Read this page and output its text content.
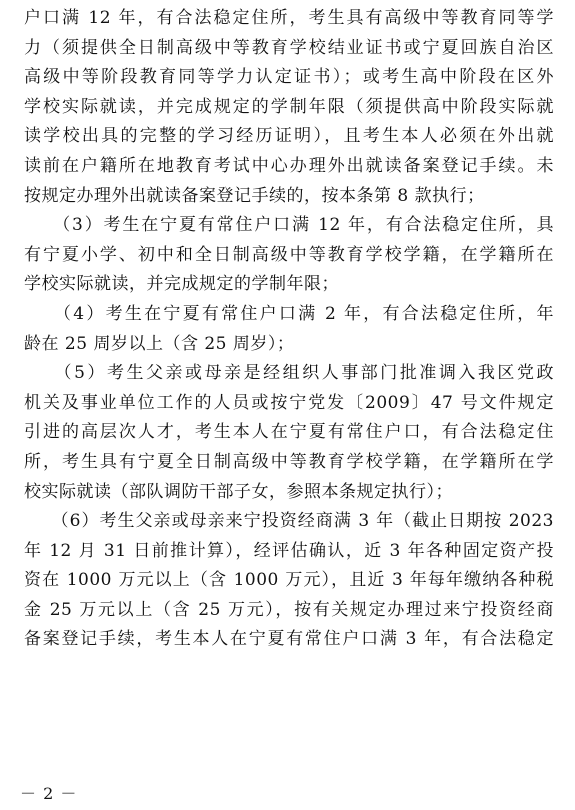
户口满 12 年，有合法稳定住所，考生具有高级中等教育同等学
力（须提供全日制高级中等教育学校结业证书或宁夏回族自治区
高级中等阶段教育同等学力认定证书）；或考生高中阶段在区外
学校实际就读，并完成规定的学制年限（须提供高中阶段实际就
读学校出具的完整的学习经历证明），且考生本人必须在外出就
读前在户籍所在地教育考试中心办理外出就读备案登记手续。未
按规定办理外出就读备案登记手续的，按本条第 8 款执行；
　　（3）考生在宁夏有常住户口满 12 年，有合法稳定住所，具
有宁夏小学、初中和全日制高级中等教育学校学籍，在学籍所在
学校实际就读，并完成规定的学制年限；
　　（4）考生在宁夏有常住户口满 2 年，有合法稳定住所，年
龄在 25 周岁以上（含 25 周岁）；
　　（5）考生父亲或母亲是经组织人事部门批准调入我区党政
机关及事业单位工作的人员或按宁党发〔2009〕47 号文件规定
引进的高层次人才，考生本人在宁夏有常住户口，有合法稳定住
所，考生具有宁夏全日制高级中等教育学校学籍，在学籍所在学
校实际就读（部队调防干部子女，参照本条规定执行）；
　　（6）考生父亲或母亲来宁投资经商满 3 年（截止日期按 2023
年 12 月 31 日前推计算），经评估确认，近 3 年各种固定资产投
资在 1000 万元以上（含 1000 万元），且近 3 年每年缴纳各种税
金 25 万元以上（含 25 万元），按有关规定办理过来宁投资经商
备案登记手续，考生本人在宁夏有常住户口满 3 年，有合法稳定
－ 2 －
